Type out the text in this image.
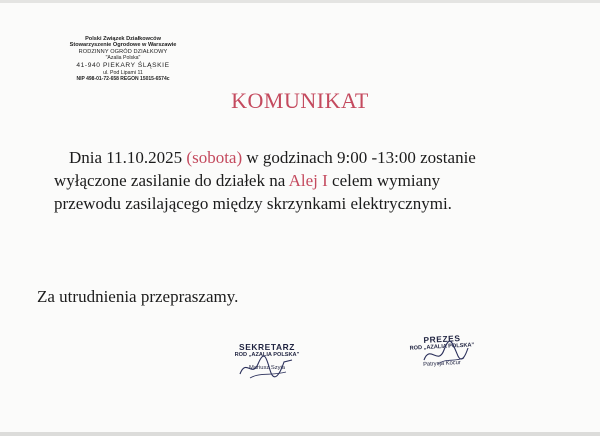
Polski Związek Działkowców
Stowarzyszenie Ogrodowe w Warszawie
RODZINNY OGRÓD DZIAŁKOWY
"Azalia Polska"
41-940 PIEKARY ŚLĄSKIE
ul. Pod Lipami 11
NIP 498-01-72-658 REGON 15015-6574c
KOMUNIKAT

Dnia 11.10.2025 (sobota) w godzinach 9:00 -13:00 zostanie

wyłączone zasilanie do działek na Alej I celem wymiany

przewodu zasilającego między skrzynkami elektrycznymi.

Za utrudnienia przepraszamy.
SEKRETARZ
ROD „AZALIA POLSKA”
Mariusz Szyja
PREZES
ROD „AZALIA POLSKA”
Patrycja Kocur
